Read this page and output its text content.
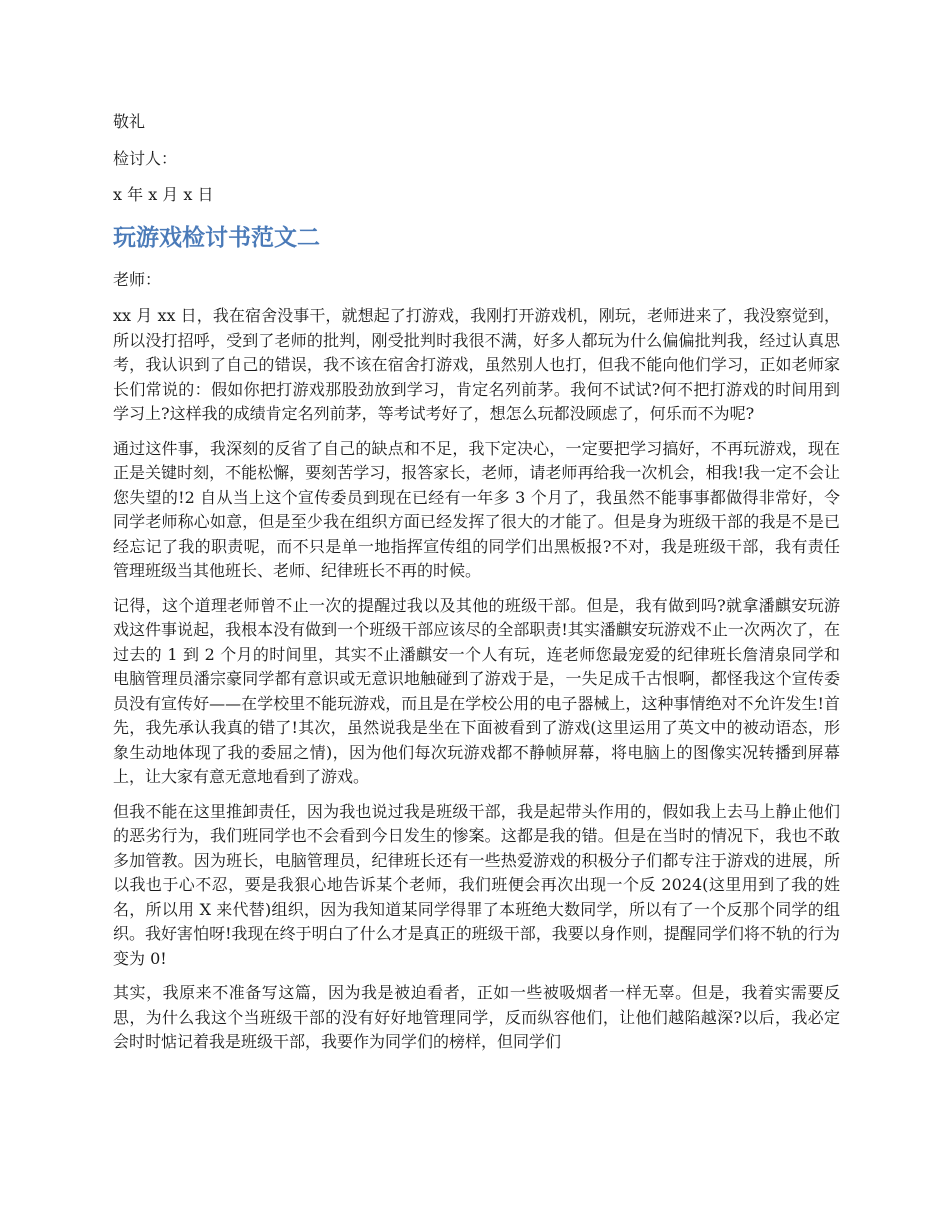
敬礼
检讨人：
x 年 x 月 x 日
玩游戏检讨书范文二
老师：

xx 月 xx 日，我在宿舍没事干，就想起了打游戏，我刚打开游戏机，刚玩，老师进来了，我没察觉到，所以没打招呼，受到了老师的批判，刚受批判时我很不满，好多人都玩为什么偏偏批判我，经过认真思考，我认识到了自己的错误，我不该在宿舍打游戏，虽然别人也打，但我不能向他们学习，正如老师家长们常说的：假如你把打游戏那股劲放到学习，肯定名列前茅。我何不试试?何不把打游戏的时间用到学习上?这样我的成绩肯定名列前茅，等考试考好了，想怎么玩都没顾虑了，何乐而不为呢?

通过这件事，我深刻的反省了自己的缺点和不足，我下定决心，一定要把学习搞好，不再玩游戏，现在正是关键时刻，不能松懈，要刻苦学习，报答家长，老师，请老师再给我一次机会，相我!我一定不会让您失望的!2 自从当上这个宣传委员到现在已经有一年多 3 个月了，我虽然不能事事都做得非常好，令同学老师称心如意，但是至少我在组织方面已经发挥了很大的才能了。但是身为班级干部的我是不是已经忘记了我的职责呢，而不只是单一地指挥宣传组的同学们出黑板报?不对，我是班级干部，我有责任管理班级当其他班长、老师、纪律班长不再的时候。

记得，这个道理老师曾不止一次的提醒过我以及其他的班级干部。但是，我有做到吗?就拿潘麒安玩游戏这件事说起，我根本没有做到一个班级干部应该尽的全部职责!其实潘麒安玩游戏不止一次两次了，在过去的 1 到 2 个月的时间里，其实不止潘麒安一个人有玩，连老师您最宠爱的纪律班长詹清泉同学和电脑管理员潘宗豪同学都有意识或无意识地触碰到了游戏于是，一失足成千古恨啊，都怪我这个宣传委员没有宣传好——在学校里不能玩游戏，而且是在学校公用的电子器械上，这种事情绝对不允许发生!首先，我先承认我真的错了!其次，虽然说我是坐在下面被看到了游戏(这里运用了英文中的被动语态，形象生动地体现了我的委屈之情)，因为他们每次玩游戏都不静帧屏幕，将电脑上的图像实况转播到屏幕上，让大家有意无意地看到了游戏。

但我不能在这里推卸责任，因为我也说过我是班级干部，我是起带头作用的，假如我上去马上静止他们的恶劣行为，我们班同学也不会看到今日发生的惨案。这都是我的错。但是在当时的情况下，我也不敢多加管教。因为班长，电脑管理员，纪律班长还有一些热爱游戏的积极分子们都专注于游戏的进展，所以我也于心不忍，要是我狠心地告诉某个老师，我们班便会再次出现一个反 2024(这里用到了我的姓名，所以用 X 来代替)组织，因为我知道某同学得罪了本班绝大数同学，所以有了一个反那个同学的组织。我好害怕呀!我现在终于明白了什么才是真正的班级干部，我要以身作则，提醒同学们将不轨的行为变为 0!

其实，我原来不准备写这篇，因为我是被迫看者，正如一些被吸烟者一样无辜。但是，我着实需要反思，为什么我这个当班级干部的没有好好地管理同学，反而纵容他们，让他们越陷越深?以后，我必定会时时惦记着我是班级干部，我要作为同学们的榜样，但同学们
